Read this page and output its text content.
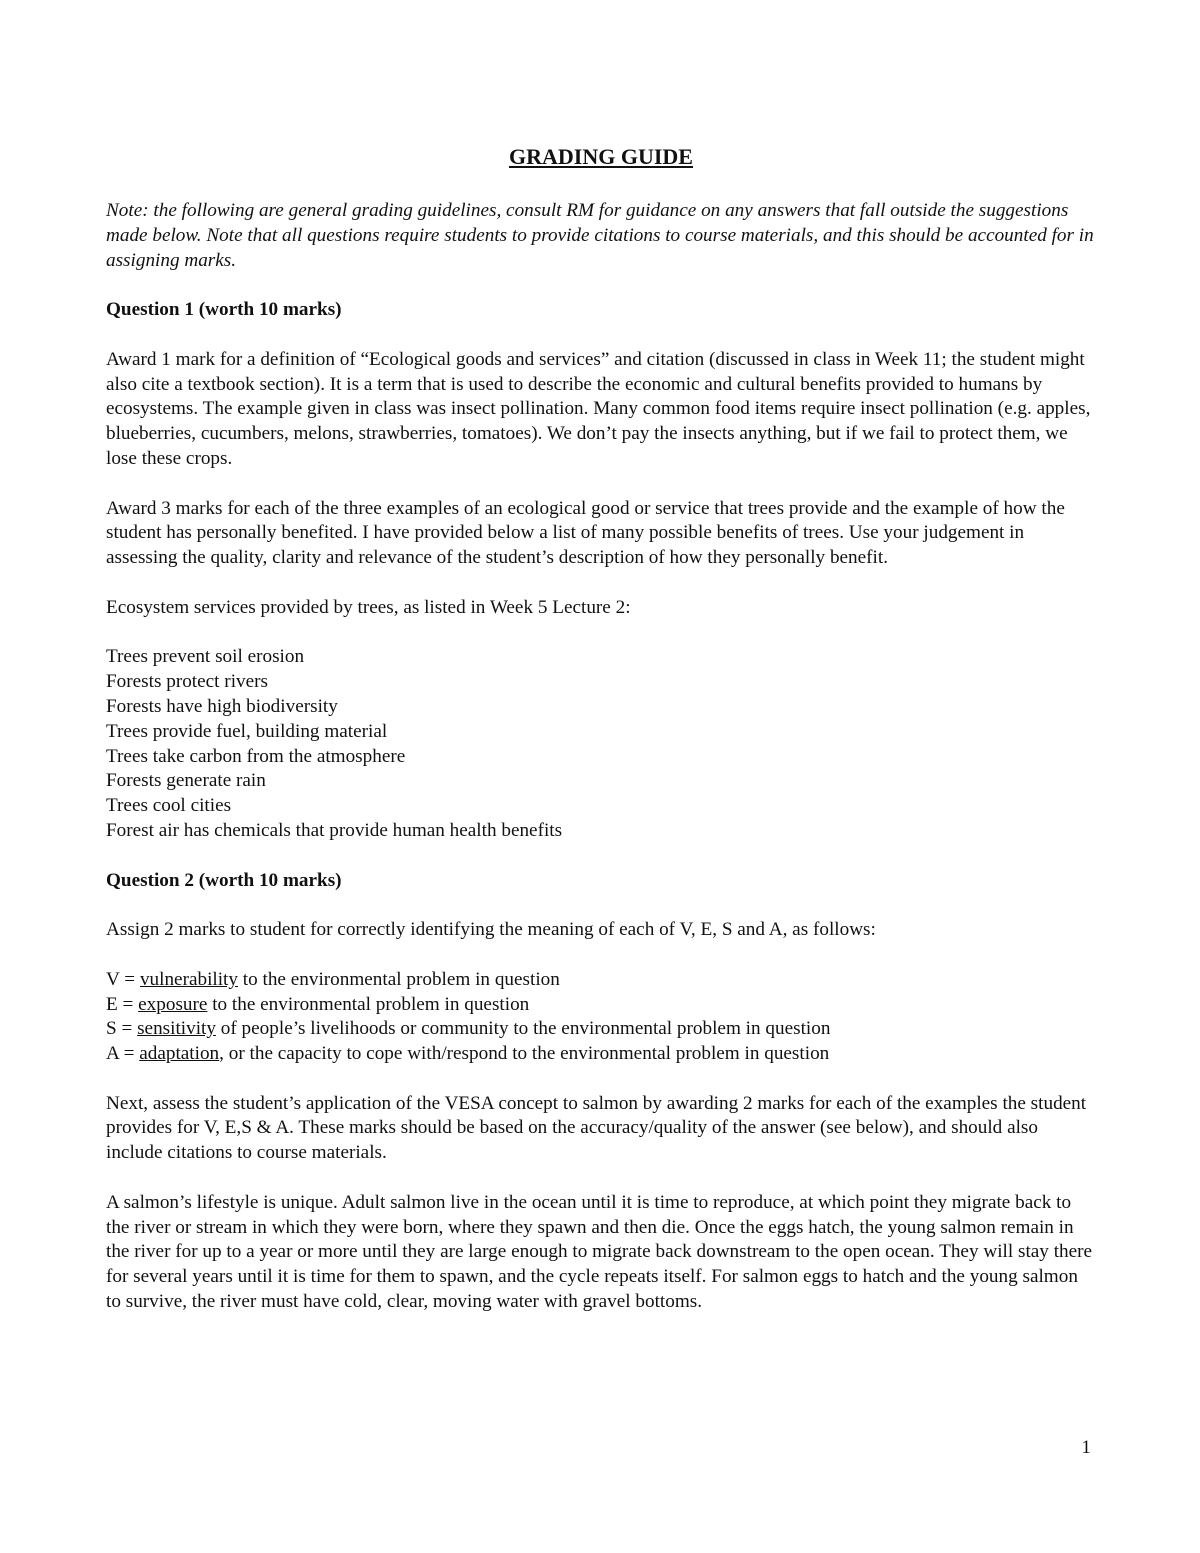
GRADING GUIDE

Note: the following are general grading guidelines, consult RM for guidance on any answers that fall outside the suggestions made below. Note that all questions require students to provide citations to course materials, and this should be accounted for in assigning marks.

Question 1 (worth 10 marks)

Award 1 mark for a definition of “Ecological goods and services” and citation (discussed in class in Week 11; the student might also cite a textbook section). It is a term that is used to describe the economic and cultural benefits provided to humans by ecosystems. The example given in class was insect pollination. Many common food items require insect pollination (e.g. apples, blueberries, cucumbers, melons, strawberries, tomatoes). We don’t pay the insects anything, but if we fail to protect them, we lose these crops.

Award 3 marks for each of the three examples of an ecological good or service that trees provide and the example of how the student has personally benefited. I have provided below a list of many possible benefits of trees. Use your judgement in assessing the quality, clarity and relevance of the student’s description of how they personally benefit.

Ecosystem services provided by trees, as listed in Week 5 Lecture 2:

Trees prevent soil erosion
Forests protect rivers
Forests have high biodiversity
Trees provide fuel, building material
Trees take carbon from the atmosphere
Forests generate rain
Trees cool cities
Forest air has chemicals that provide human health benefits

Question 2 (worth 10 marks)

Assign 2 marks to student for correctly identifying the meaning of each of V, E, S and A, as follows:

V = vulnerability to the environmental problem in question
E = exposure to the environmental problem in question
S = sensitivity of people’s livelihoods or community to the environmental problem in question
A = adaptation, or the capacity to cope with/respond to the environmental problem in question

Next, assess the student’s application of the VESA concept to salmon by awarding 2 marks for each of the examples the student provides for V, E,S & A. These marks should be based on the accuracy/quality of the answer (see below), and should also include citations to course materials.

A salmon’s lifestyle is unique. Adult salmon live in the ocean until it is time to reproduce, at which point they migrate back to the river or stream in which they were born, where they spawn and then die. Once the eggs hatch, the young salmon remain in the river for up to a year or more until they are large enough to migrate back downstream to the open ocean. They will stay there for several years until it is time for them to spawn, and the cycle repeats itself. For salmon eggs to hatch and the young salmon to survive, the river must have cold, clear, moving water with gravel bottoms.

1
